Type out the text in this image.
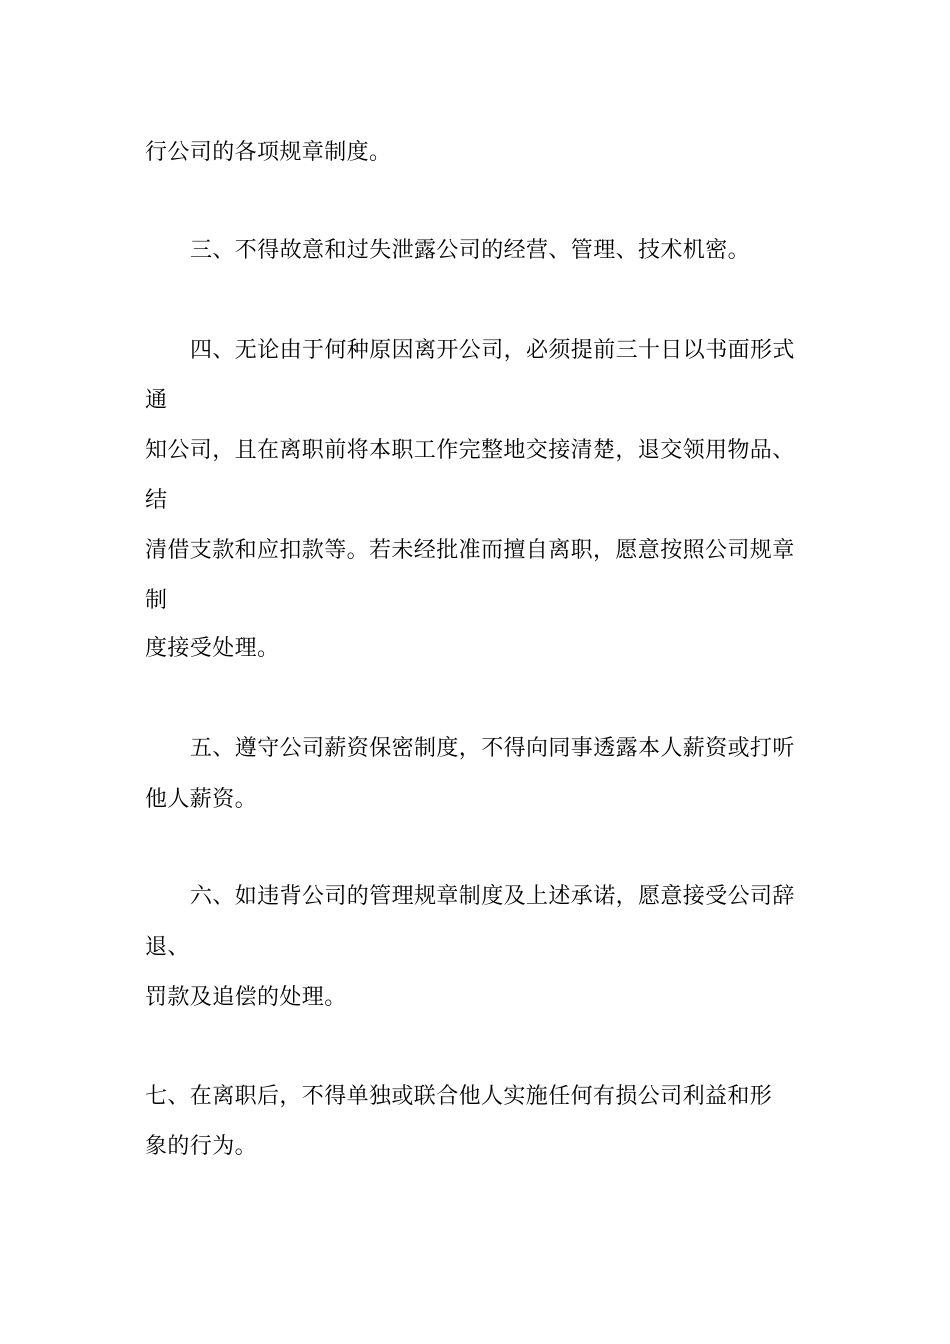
行公司的各项规章制度。
三、不得故意和过失泄露公司的经营、管理、技术机密。
四、无论由于何种原因离开公司，必须提前三十日以书面形式
通
知公司，且在离职前将本职工作完整地交接清楚，退交领用物品、
结
清借支款和应扣款等。若未经批准而擅自离职，愿意按照公司规章
制
度接受处理。
五、遵守公司薪资保密制度，不得向同事透露本人薪资或打听
他人薪资。
六、如违背公司的管理规章制度及上述承诺，愿意接受公司辞
退、
罚款及追偿的处理。
七、在离职后，不得单独或联合他人实施任何有损公司利益和形
象的行为。
